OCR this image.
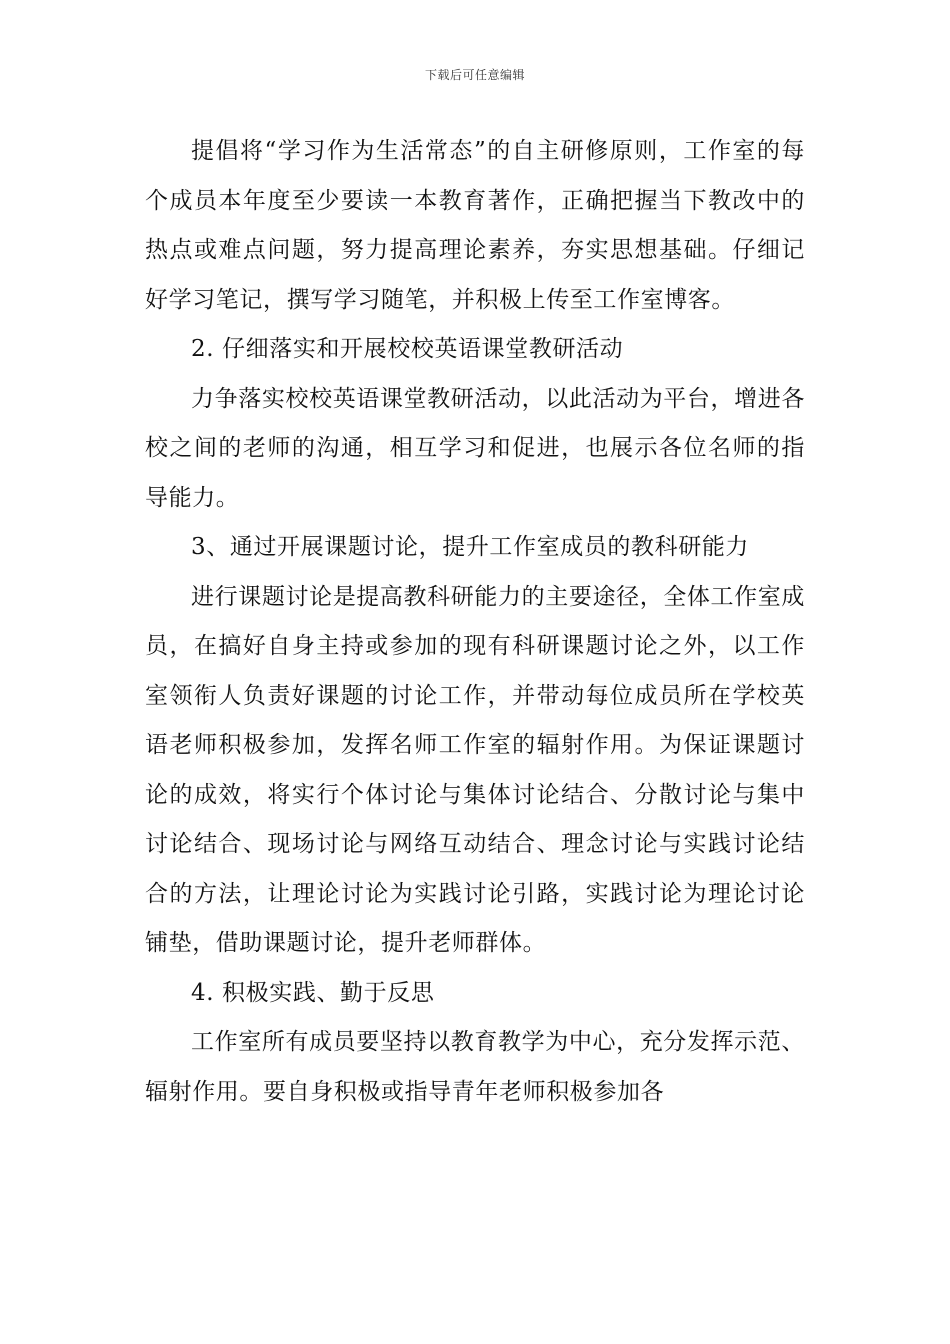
下载后可任意编辑

提倡将“学习作为生活常态”的自主研修原则，工作室的每个成员本年度至少要读一本教育著作，正确把握当下教改中的热点或难点问题，努力提高理论素养，夯实思想基础。仔细记好学习笔记，撰写学习随笔，并积极上传至工作室博客。

2. 仔细落实和开展校校英语课堂教研活动

力争落实校校英语课堂教研活动，以此活动为平台，增进各校之间的老师的沟通，相互学习和促进，也展示各位名师的指导能力。

3、通过开展课题讨论，提升工作室成员的教科研能力

进行课题讨论是提高教科研能力的主要途径，全体工作室成员，在搞好自身主持或参加的现有科研课题讨论之外，以工作室领衔人负责好课题的讨论工作，并带动每位成员所在学校英语老师积极参加，发挥名师工作室的辐射作用。为保证课题讨论的成效，将实行个体讨论与集体讨论结合、分散讨论与集中讨论结合、现场讨论与网络互动结合、理念讨论与实践讨论结合的方法，让理论讨论为实践讨论引路，实践讨论为理论讨论铺垫，借助课题讨论，提升老师群体。

4. 积极实践、勤于反思

工作室所有成员要坚持以教育教学为中心，充分发挥示范、辐射作用。要自身积极或指导青年老师积极参加各
